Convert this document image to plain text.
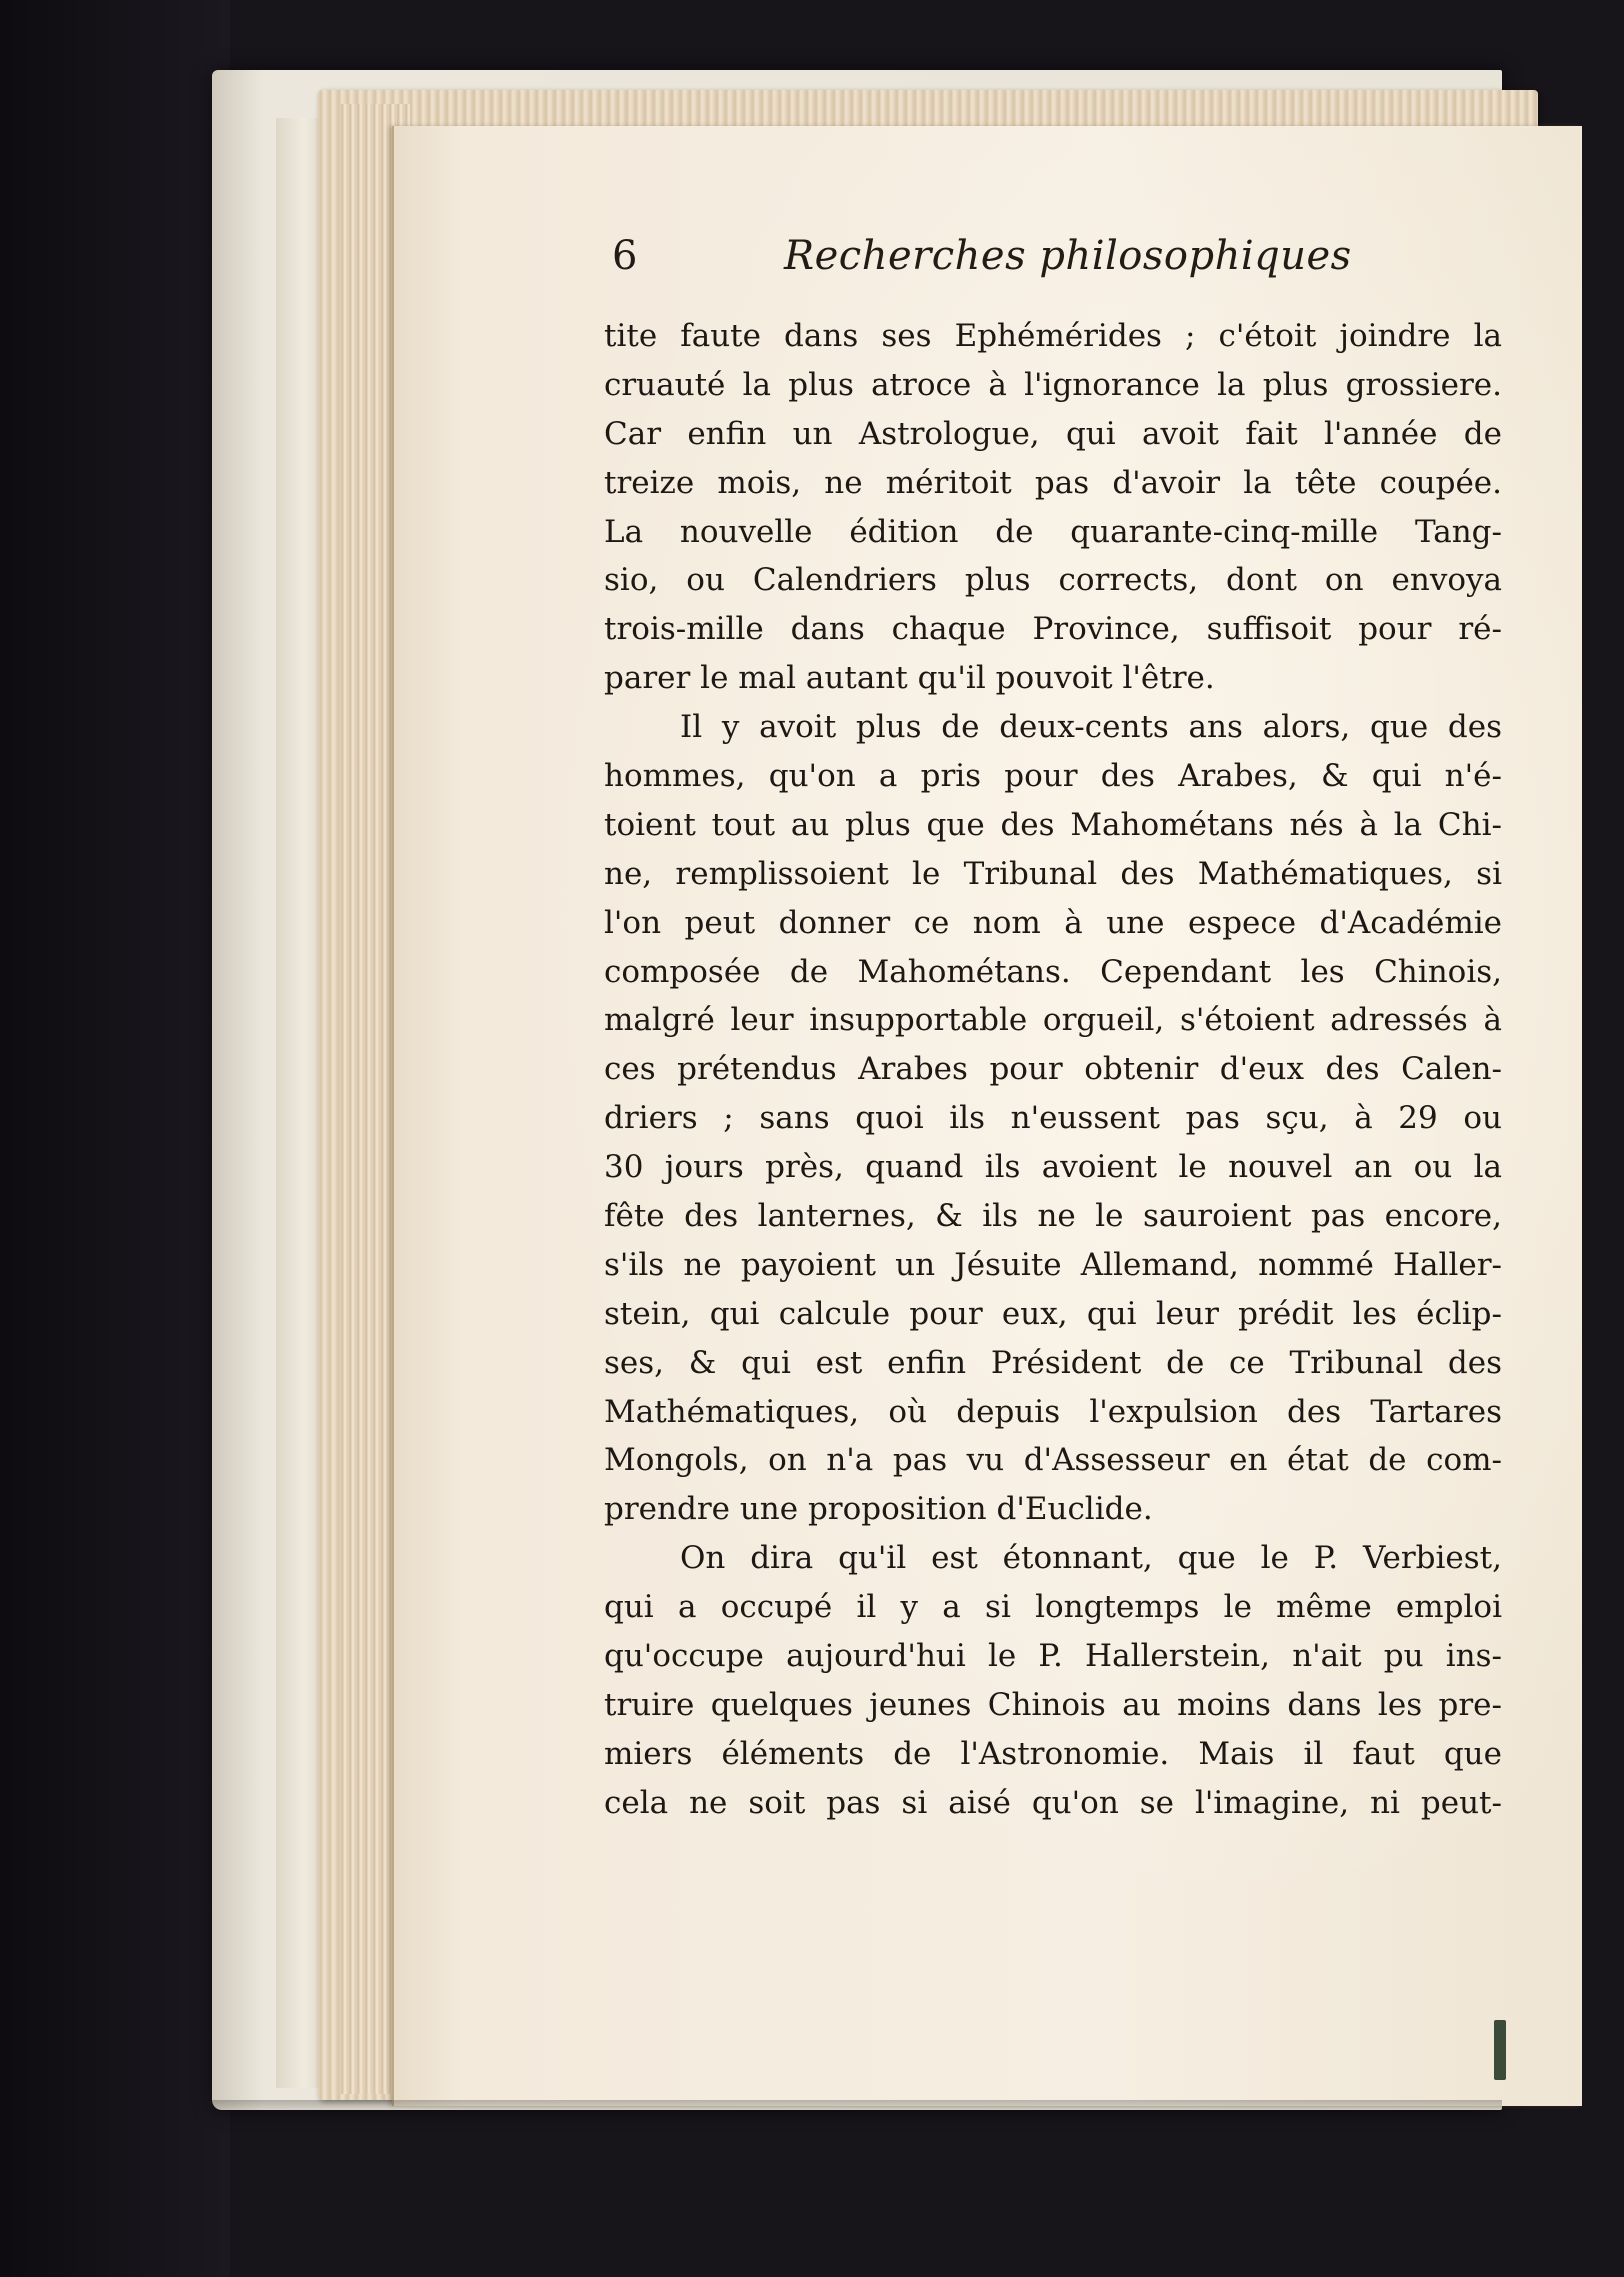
6	Recherches philosophiques
tite faute dans ses Ephémérides ; c'étoit joindre la
cruauté la plus atroce à l'ignorance la plus grossiere.
Car enfin un Astrologue, qui avoit fait l'année de
treize mois, ne méritoit pas d'avoir la tête coupée.
La nouvelle édition de quarante-cinq-mille Tang-
sio, ou Calendriers plus corrects, dont on envoya
trois-mille dans chaque Province, suffisoit pour ré-
parer le mal autant qu'il pouvoit l'être.
Il y avoit plus de deux-cents ans alors, que des
hommes, qu'on a pris pour des Arabes, & qui n'é-
toient tout au plus que des Mahométans nés à la Chi-
ne, remplissoient le Tribunal des Mathématiques, si
l'on peut donner ce nom à une espece d'Académie
composée de Mahométans. Cependant les Chinois,
malgré leur insupportable orgueil, s'étoient adressés à
ces prétendus Arabes pour obtenir d'eux des Calen-
driers ; sans quoi ils n'eussent pas sçu, à 29 ou
30 jours près, quand ils avoient le nouvel an ou la
fête des lanternes, & ils ne le sauroient pas encore,
s'ils ne payoient un Jésuite Allemand, nommé Haller-
stein, qui calcule pour eux, qui leur prédit les éclip-
ses, & qui est enfin Président de ce Tribunal des
Mathématiques, où depuis l'expulsion des Tartares
Mongols, on n'a pas vu d'Assesseur en état de com-
prendre une proposition d'Euclide.
On dira qu'il est étonnant, que le P. Verbiest,
qui a occupé il y a si longtemps le même emploi
qu'occupe aujourd'hui le P. Hallerstein, n'ait pu ins-
truire quelques jeunes Chinois au moins dans les pre-
miers éléments de l'Astronomie. Mais il faut que
cela ne soit pas si aisé qu'on se l'imagine, ni peut-
